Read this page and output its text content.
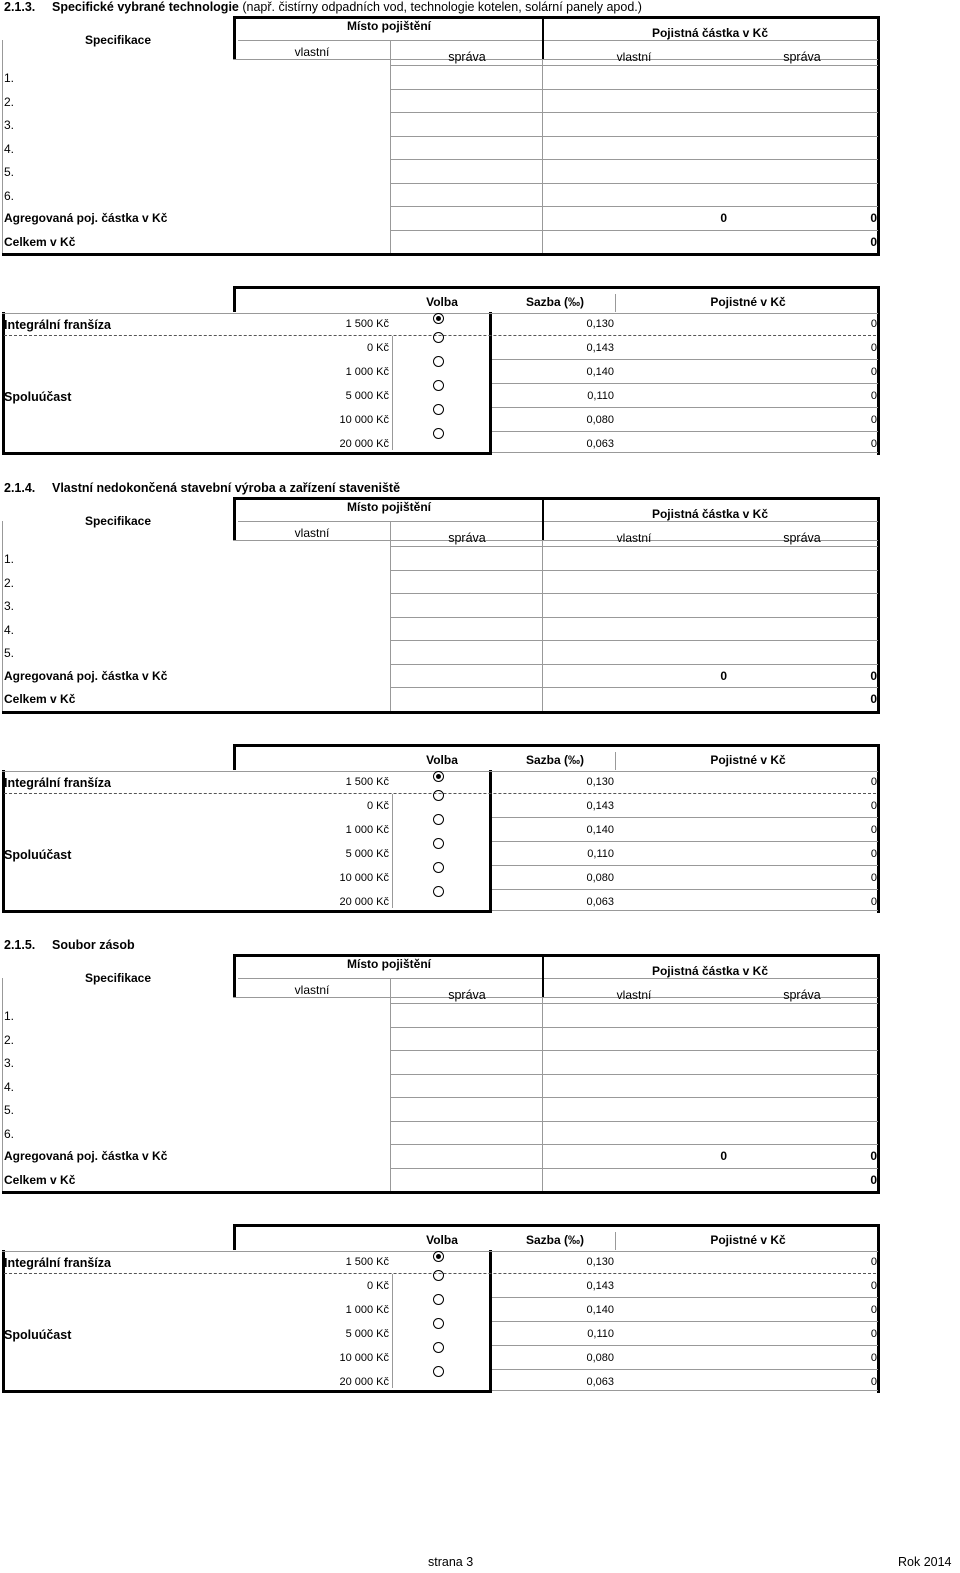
2.1.3. Specifické vybrané technologie (např. čistírny odpadních vod, technologie kotelen, solární panely apod.)
Specifikace
Místo pojištění	Pojistná částka v Kč
vlastní	správa	vlastní	správa
1.
2.
3.
4.
5.
6.
Agregovaná poj. částka v Kč	0	0
Celkem v Kč	0
Volba	Sazba (‰)	Pojistné v Kč
Integrální franšíza	1 500 Kč	0,130	0
Spoluúčast
0 Kč	0,143	0
1 000 Kč	0,140	0
5 000 Kč	0,110	0
10 000 Kč	0,080	0
20 000 Kč	0,063	0
2.1.4. Vlastní nedokončená stavební výroba a zařízení staveniště
Specifikace
Místo pojištění	Pojistná částka v Kč
vlastní	správa	vlastní	správa
1.
2.
3.
4.
5.
Agregovaná poj. částka v Kč	0	0
Celkem v Kč	0
Volba	Sazba (‰)	Pojistné v Kč
Integrální franšíza	1 500 Kč	0,130	0
Spoluúčast
0 Kč	0,143	0
1 000 Kč	0,140	0
5 000 Kč	0,110	0
10 000 Kč	0,080	0
20 000 Kč	0,063	0
2.1.5. Soubor zásob
Specifikace
Místo pojištění	Pojistná částka v Kč
vlastní	správa	vlastní	správa
1.
2.
3.
4.
5.
6.
Agregovaná poj. částka v Kč	0	0
Celkem v Kč	0
Volba	Sazba (‰)	Pojistné v Kč
Integrální franšíza	1 500 Kč	0,130	0
Spoluúčast
0 Kč	0,143	0
1 000 Kč	0,140	0
5 000 Kč	0,110	0
10 000 Kč	0,080	0
20 000 Kč	0,063	0
strana 3	Rok 2014
